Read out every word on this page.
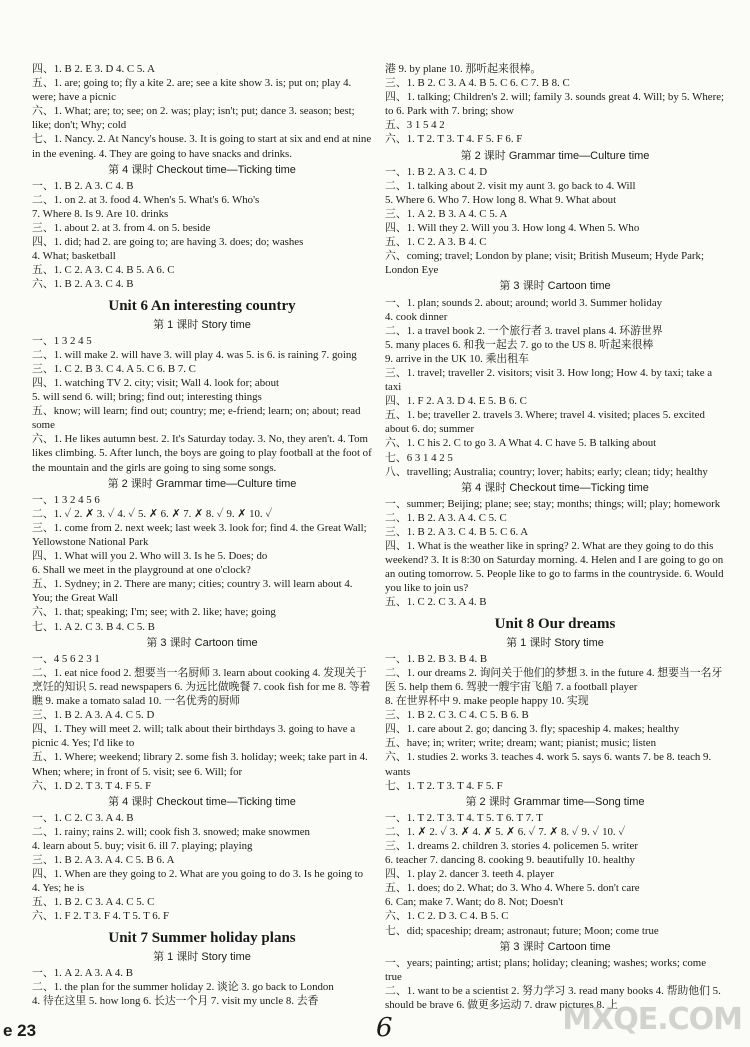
四、1. B 2. E 3. D 4. C 5. A
五、1. are; going to; fly a kite 2. are; see a kite show 3. is; put on; play 4. were; have a picnic
六、1. What; are; to; see; on 2. was; play; isn't; put; dance 3. season; best; like; don't; Why; cold
七、1. Nancy. 2. At Nancy's house. 3. It is going to start at six and end at nine in the evening. 4. They are going to have snacks and drinks.
第 4 课时 Checkout time—Ticking time
一、1. B 2. A 3. C 4. B
二、1. on 2. at 3. food 4. When's 5. What's 6. Who's
7. Where 8. Is 9. Are 10. drinks
三、1. about 2. at 3. from 4. on 5. beside
四、1. did; had 2. are going to; are having 3. does; do; washes
4. What; basketball
五、1. C 2. A 3. C 4. B 5. A 6. C
六、1. B 2. A 3. C 4. B
Unit 6 An interesting country
第 1 课时 Story time
一、1 3 2 4 5
二、1. will make 2. will have 3. will play 4. was 5. is 6. is raining 7. going
三、1. C 2. B 3. C 4. A 5. C 6. B 7. C
四、1. watching TV 2. city; visit; Wall 4. look for; about
5. will send 6. will; bring; find out; interesting things
五、know; will learn; find out; country; me; e-friend; learn; on; about; read some
六、1. He likes autumn best. 2. It's Saturday today. 3. No, they aren't. 4. Tom likes climbing. 5. After lunch, the boys are going to play football at the foot of the mountain and the girls are going to sing some songs.
第 2 课时 Grammar time—Culture time
一、1 3 2 4 5 6
二、1. ✓ 2. ✗ 3. ✓ 4. ✓ 5. ✗ 6. ✗ 7. ✗ 8. ✓ 9. ✗ 10. ✓
三、1. come from 2. next week; last week 3. look for; find 4. the Great Wall; Yellowstone National Park
四、1. What will you 2. Who will 3. Is he 5. Does; do
6. Shall we meet in the playground at one o'clock?
五、1. Sydney; in 2. There are many; cities; country 3. will learn about 4. You; the Great Wall
六、1. that; speaking; I'm; see; with 2. like; have; going
七、1. A 2. C 3. B 4. C 5. B
第 3 课时 Cartoon time
一、4 5 6 2 3 1
二、1. eat nice food 2. 想要当一名厨师 3. learn about cooking 4. 发现关于烹饪的知识 5. read newspapers 6. 为远比做晚餐 7. cook fish for me 8. 等着瞧 9. make a tomato salad 10. 一名优秀的厨师
三、1. B 2. A 3. A 4. C 5. D
四、1. They will meet 2. will; talk about their birthdays 3. going to have a picnic 4. Yes; I'd like to
五、1. Where; weekend; library 2. some fish 3. holiday; week; take part in 4. When; where; in front of 5. visit; see 6. Will; for
六、1. D 2. T 3. T 4. F 5. F
第 4 课时 Checkout time—Ticking time
一、1. C 2. C 3. A 4. B
二、1. rainy; rains 2. will; cook fish 3. snowed; make snowmen
4. learn about 5. buy; visit 6. ill 7. playing; playing
三、1. B 2. A 3. A 4. C 5. B 6. A
四、1. When are they going to 2. What are you going to do 3. Is he going to 4. Yes; he is
五、1. B 2. C 3. A 4. C 5. C
六、1. F 2. T 3. F 4. T 5. T 6. F
Unit 7 Summer holiday plans
第 1 课时 Story time
一、1. A 2. A 3. A 4. B
二、1. the plan for the summer holiday 2. 谈论 3. go back to London
4. 待在这里 5. how long 6. 长达一个月 7. visit my uncle 8. 去香
港 9. by plane 10. 那听起来很棒。
三、1. B 2. C 3. A 4. B 5. C 6. C 7. B 8. C
四、1. talking; Children's 2. will; family 3. sounds great 4. Will; by 5. Where; to 6. Park with 7. bring; show
五、3 1 5 4 2
六、1. T 2. T 3. T 4. F 5. F 6. F
第 2 课时 Grammar time—Culture time
一、1. B 2. A 3. C 4. D
二、1. talking about 2. visit my aunt 3. go back to 4. Will
5. Where 6. Who 7. How long 8. What 9. What about
三、1. A 2. B 3. A 4. C 5. A
四、1. Will they 2. Will you 3. How long 4. When 5. Who
五、1. C 2. A 3. B 4. C
六、coming; travel; London by plane; visit; British Museum; Hyde Park; London Eye
第 3 课时 Cartoon time
一、1. plan; sounds 2. about; around; world 3. Summer holiday
4. cook dinner
二、1. a travel book 2. 一个旅行者 3. travel plans 4. 环游世界
5. many places 6. 和我一起去 7. go to the US 8. 听起来很棒
9. arrive in the UK 10. 乘出租车
三、1. travel; traveller 2. visitors; visit 3. How long; How 4. by taxi; take a taxi
四、1. F 2. A 3. D 4. E 5. B 6. C
五、1. be; traveller 2. travels 3. Where; travel 4. visited; places 5. excited about 6. do; summer
六、1. C his 2. C to go 3. A What 4. C have 5. B talking about
七、6 3 1 4 2 5
八、travelling; Australia; country; lover; habits; early; clean; tidy; healthy
第 4 课时 Checkout time—Ticking time
一、summer; Beijing; plane; see; stay; months; things; will; play; homework
二、1. B 2. A 3. A 4. C 5. C
三、1. B 2. A 3. C 4. B 5. C 6. A
四、1. What is the weather like in spring? 2. What are they going to do this weekend? 3. It is 8:30 on Saturday morning. 4. Helen and I are going to go on an outing tomorrow. 5. People like to go to farms in the countryside. 6. Would you like to join us?
五、1. C 2. C 3. A 4. B
Unit 8 Our dreams
第 1 课时 Story time
一、1. B 2. B 3. B 4. B
二、1. our dreams 2. 询问关于他们的梦想 3. in the future 4. 想要当一名牙医 5. help them 6. 驾驶一艘宇宙飞船 7. a football player
8. 在世界杯中 9. make people happy 10. 实现
三、1. B 2. C 3. C 4. C 5. B 6. B
四、1. care about 2. go; dancing 3. fly; spaceship 4. makes; healthy
五、have; in; writer; write; dream; want; pianist; music; listen
六、1. studies 2. works 3. teaches 4. work 5. says 6. wants 7. be 8. teach 9. wants
七、1. T 2. T 3. T 4. F 5. F
第 2 课时 Grammar time—Song time
一、1. T 2. T 3. T 4. T 5. T 6. T 7. T
二、1. ✗ 2. ✓ 3. ✗ 4. ✗ 5. ✗ 6. ✓ 7. ✗ 8. ✓ 9. ✓ 10. ✓
三、1. dreams 2. children 3. stories 4. policemen 5. writer
6. teacher 7. dancing 8. cooking 9. beautifully 10. healthy
四、1. play 2. dancer 3. teeth 4. player
五、1. does; do 2. What; do 3. Who 4. Where 5. don't care
6. Can; make 7. Want; do 8. Not; Doesn't
六、1. C 2. D 3. C 4. B 5. C
七、did; spaceship; dream; astronaut; future; Moon; come true
第 3 课时 Cartoon time
一、years; painting; artist; plans; holiday; cleaning; washes; works; come true
二、1. want to be a scientist 2. 努力学习 3. read many books 4. 帮助他们 5. should be brave 6. 做更多运动 7. draw pictures 8. 上
e 23	6	MXQE.COM
